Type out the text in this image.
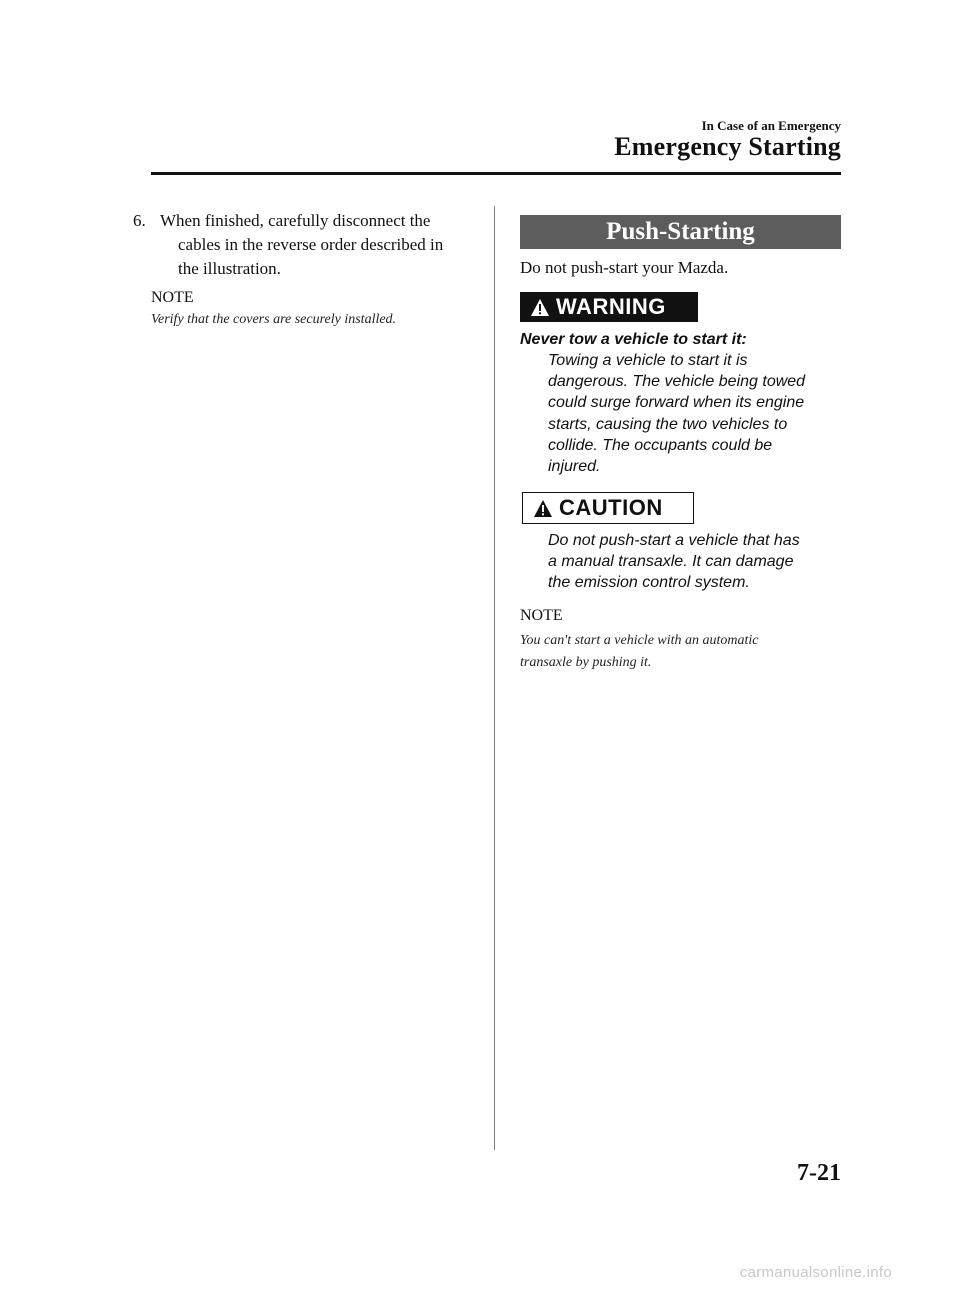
In Case of an Emergency
Emergency Starting
6. When finished, carefully disconnect the
cables in the reverse order described in
the illustration.
NOTE
Verify that the covers are securely installed.
Push-Starting
Do not push-start your Mazda.
WARNING
Never tow a vehicle to start it:
Towing a vehicle to start it is
dangerous. The vehicle being towed
could surge forward when its engine
starts, causing the two vehicles to
collide. The occupants could be
injured.
CAUTION
Do not push-start a vehicle that has
a manual transaxle. It can damage
the emission control system.
NOTE
You can't start a vehicle with an automatic
transaxle by pushing it.
7-21
carmanualsonline.info
